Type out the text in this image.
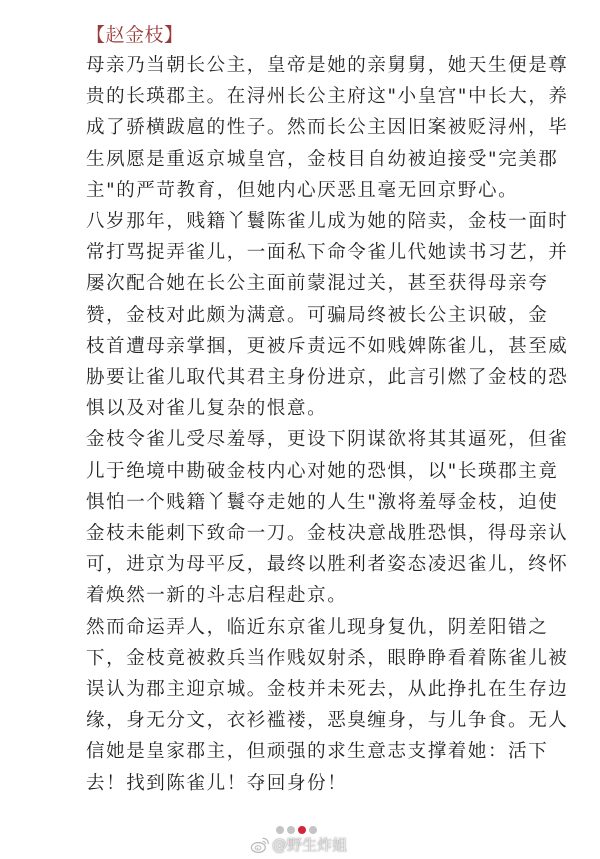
【赵金枝】

母亲乃当朝长公主，皇帝是她的亲舅舅，她天生便是尊
贵的长瑛郡主。在浔州长公主府这"小皇宫"中长大，养
成了骄横跋扈的性子。然而长公主因旧案被贬浔州，毕
生夙愿是重返京城皇宫，金枝目自幼被迫接受"完美郡
主"的严苛教育，但她内心厌恶且毫无回京野心。

八岁那年，贱籍丫鬟陈雀儿成为她的陪卖，金枝一面时
常打骂捉弄雀儿，一面私下命令雀儿代她读书习艺，并
屡次配合她在长公主面前蒙混过关，甚至获得母亲夸
赞，金枝对此颇为满意。可骗局终被长公主识破，金
枝首遭母亲掌掴，更被斥责远不如贱婢陈雀儿，甚至威
胁要让雀儿取代其君主身份进京，此言引燃了金枝的恐
惧以及对雀儿复杂的恨意。

金枝令雀儿受尽羞辱，更设下阴谋欲将其其逼死，但雀
儿于绝境中勘破金枝内心对她的恐惧，以"长瑛郡主竟
惧怕一个贱籍丫鬟夺走她的人生"激将羞辱金枝，迫使
金枝未能刺下致命一刀。金枝决意战胜恐惧，得母亲认
可，进京为母平反，最终以胜利者姿态凌迟雀儿，终怀
着焕然一新的斗志启程赴京。

然而命运弄人，临近东京雀儿现身复仇，阴差阳错之
下，金枝竟被救兵当作贱奴射杀，眼睁睁看着陈雀儿被
误认为郡主迎京城。金枝并未死去，从此挣扎在生存边
缘，身无分文，衣衫褴褛，恶臭缠身，与儿争食。无人
信她是皇家郡主，但顽强的求生意志支撑着她：活下
去！找到陈雀儿！夺回身份！

@野生炸姐
